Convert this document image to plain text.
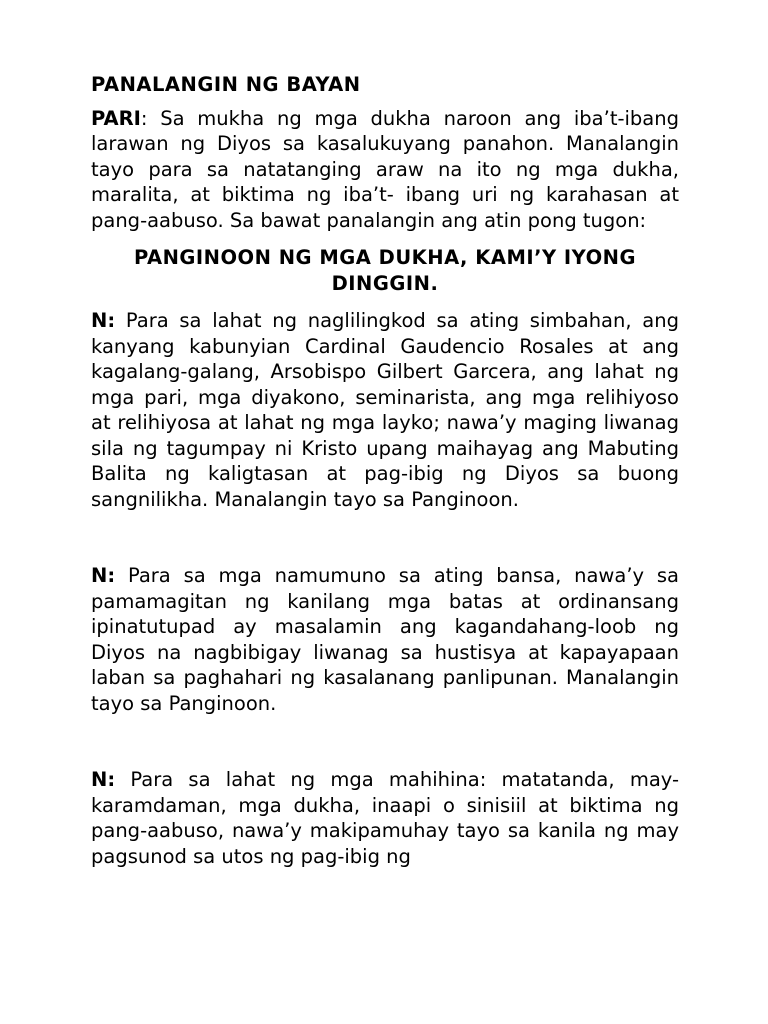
PANALANGIN NG BAYAN

PARI: Sa mukha ng mga dukha naroon ang iba’t-ibang larawan ng Diyos sa kasalukuyang panahon. Manalangin tayo para sa natatanging araw na ito ng mga dukha, maralita, at biktima ng iba’t- ibang uri ng karahasan at pang-aabuso. Sa bawat panalangin ang atin pong tugon:

PANGINOON NG MGA DUKHA, KAMI’Y IYONG DINGGIN.

N: Para sa lahat ng naglilingkod sa ating simbahan, ang kanyang kabunyian Cardinal Gaudencio Rosales at ang kagalang-galang, Arsobispo Gilbert Garcera, ang lahat ng mga pari, mga diyakono, seminarista, ang mga relihiyoso at relihiyosa at lahat ng mga layko; nawa’y maging liwanag sila ng tagumpay ni Kristo upang maihayag ang Mabuting Balita ng kaligtasan at pag-ibig ng Diyos sa buong sangnilikha. Manalangin tayo sa Panginoon.

N: Para sa mga namumuno sa ating bansa, nawa’y sa pamamagitan ng kanilang mga batas at ordinansang ipinatutupad ay masalamin ang kagandahang-loob ng Diyos na nagbibigay liwanag sa hustisya at kapayapaan laban sa paghahari ng kasalanang panlipunan. Manalangin tayo sa Panginoon.

N: Para sa lahat ng mga mahihina: matatanda, may- karamdaman, mga dukha, inaapi o sinisiil at biktima ng pang-aabuso, nawa’y makipamuhay tayo sa kanila ng may pagsunod sa utos ng pag-ibig ng
